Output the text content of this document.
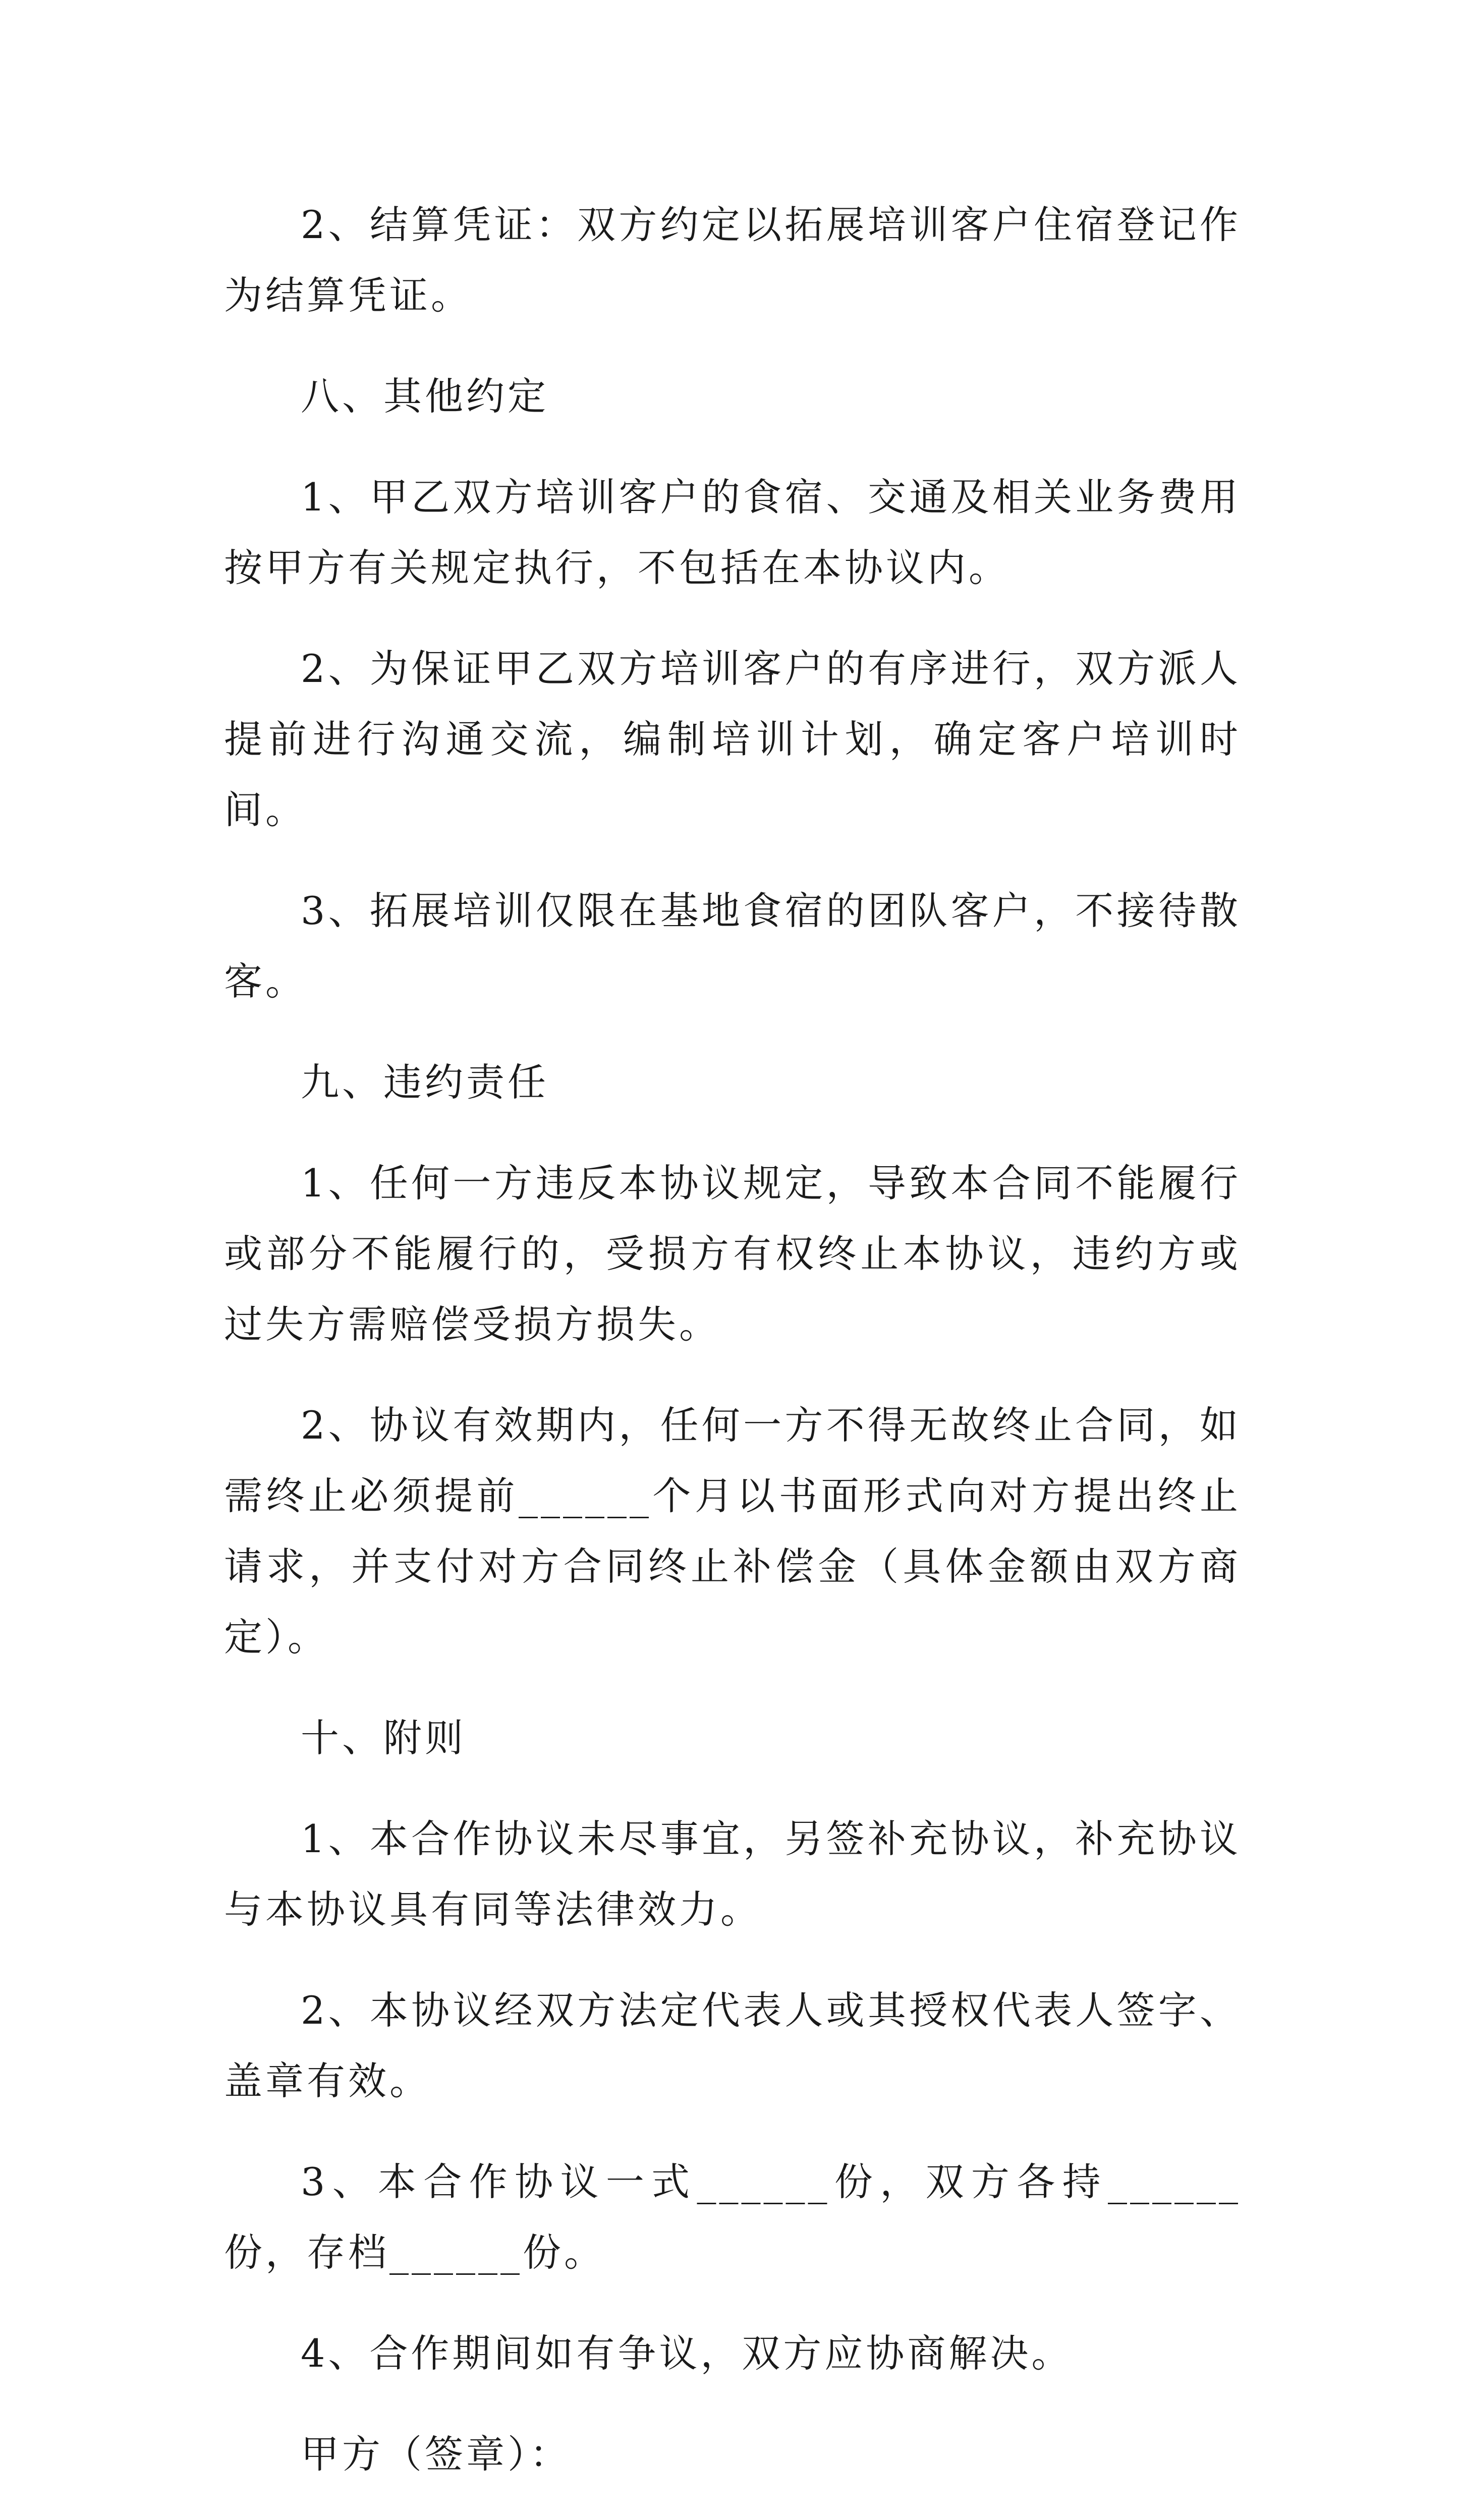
2、结算凭证：双方约定以拓展培训客户住宿登记作为结算凭证。

八、其他约定

1、甲乙双方培训客户的食宿、交通及相关业务费用按甲方有关规定执行，不包括在本协议内。

2、为保证甲乙双方培训客户的有序进行，双方派人提前进行沟通交流，编制培训计划，确定客户培训时间。

3、拓展培训仅限在基地食宿的团队客户，不接待散客。

九、违约责任

1、任何一方违反本协议规定，导致本合同不能履行或部分不能履行的，受损方有权终止本协议，违约方或过失方需赔偿受损方损失。

2、协议有效期内，任何一方不得无故终止合同，如需终止必须提前______个月以书面形式向对方提出终止请求，并支付对方合同终止补偿金（具体金额由双方商定）。

十、附则

1、本合作协议未尽事宜，另签补充协议，补充协议与本协议具有同等法律效力。

2、本协议经双方法定代表人或其授权代表人签字、盖章有效。

3、本合作协议一式______份，双方各持______份，存档______份。

4、合作期间如有争议，双方应协商解决。

甲方（签章）：
